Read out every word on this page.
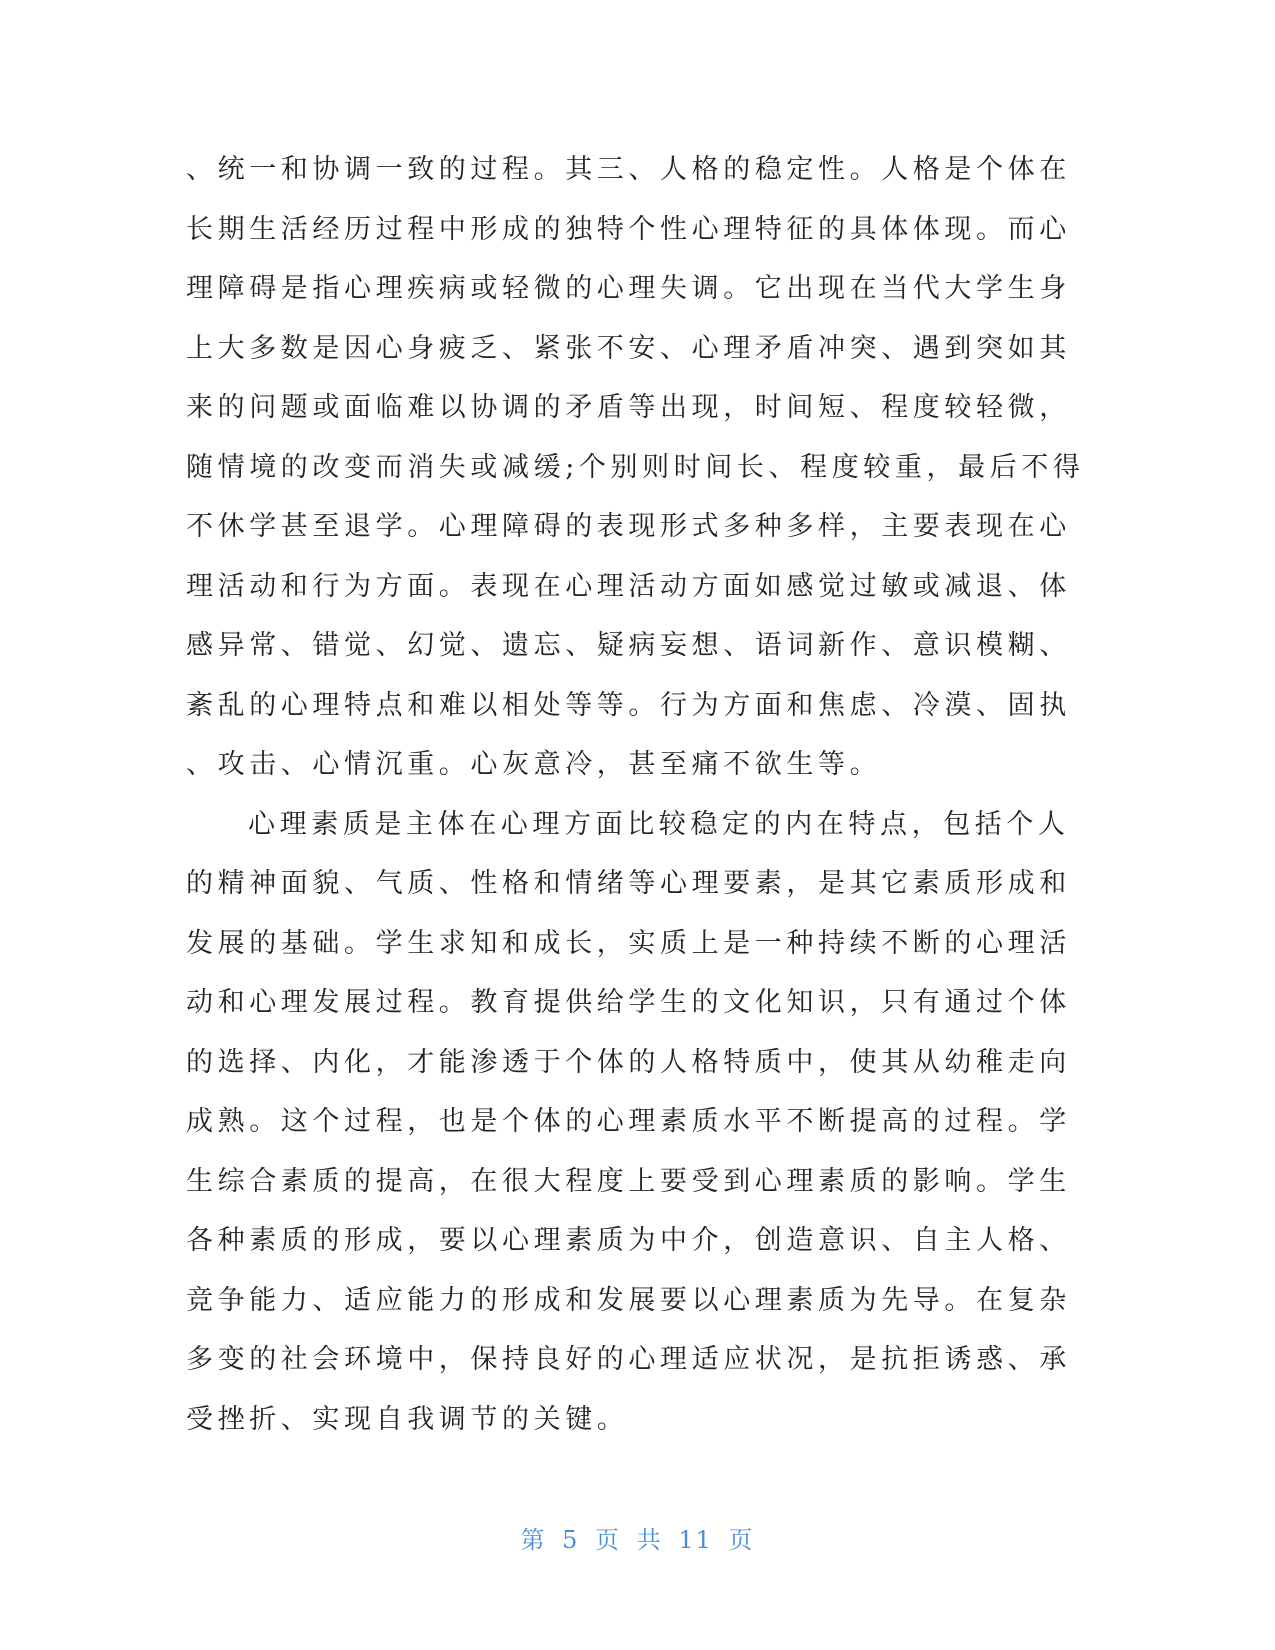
、统一和协调一致的过程。其三、人格的稳定性。人格是个体在
长期生活经历过程中形成的独特个性心理特征的具体体现。而心
理障碍是指心理疾病或轻微的心理失调。它出现在当代大学生身
上大多数是因心身疲乏、紧张不安、心理矛盾冲突、遇到突如其
来的问题或面临难以协调的矛盾等出现，时间短、程度较轻微，
随情境的改变而消失或减缓;个别则时间长、程度较重，最后不得
不休学甚至退学。心理障碍的表现形式多种多样，主要表现在心
理活动和行为方面。表现在心理活动方面如感觉过敏或减退、体
感异常、错觉、幻觉、遗忘、疑病妄想、语词新作、意识模糊、
紊乱的心理特点和难以相处等等。行为方面和焦虑、冷漠、固执
、攻击、心情沉重。心灰意冷，甚至痛不欲生等。
心理素质是主体在心理方面比较稳定的内在特点，包括个人
的精神面貌、气质、性格和情绪等心理要素，是其它素质形成和
发展的基础。学生求知和成长，实质上是一种持续不断的心理活
动和心理发展过程。教育提供给学生的文化知识，只有通过个体
的选择、内化，才能渗透于个体的人格特质中，使其从幼稚走向
成熟。这个过程，也是个体的心理素质水平不断提高的过程。学
生综合素质的提高，在很大程度上要受到心理素质的影响。学生
各种素质的形成，要以心理素质为中介，创造意识、自主人格、
竞争能力、适应能力的形成和发展要以心理素质为先导。在复杂
多变的社会环境中，保持良好的心理适应状况，是抗拒诱惑、承
受挫折、实现自我调节的关键。
第 5 页 共 11 页
